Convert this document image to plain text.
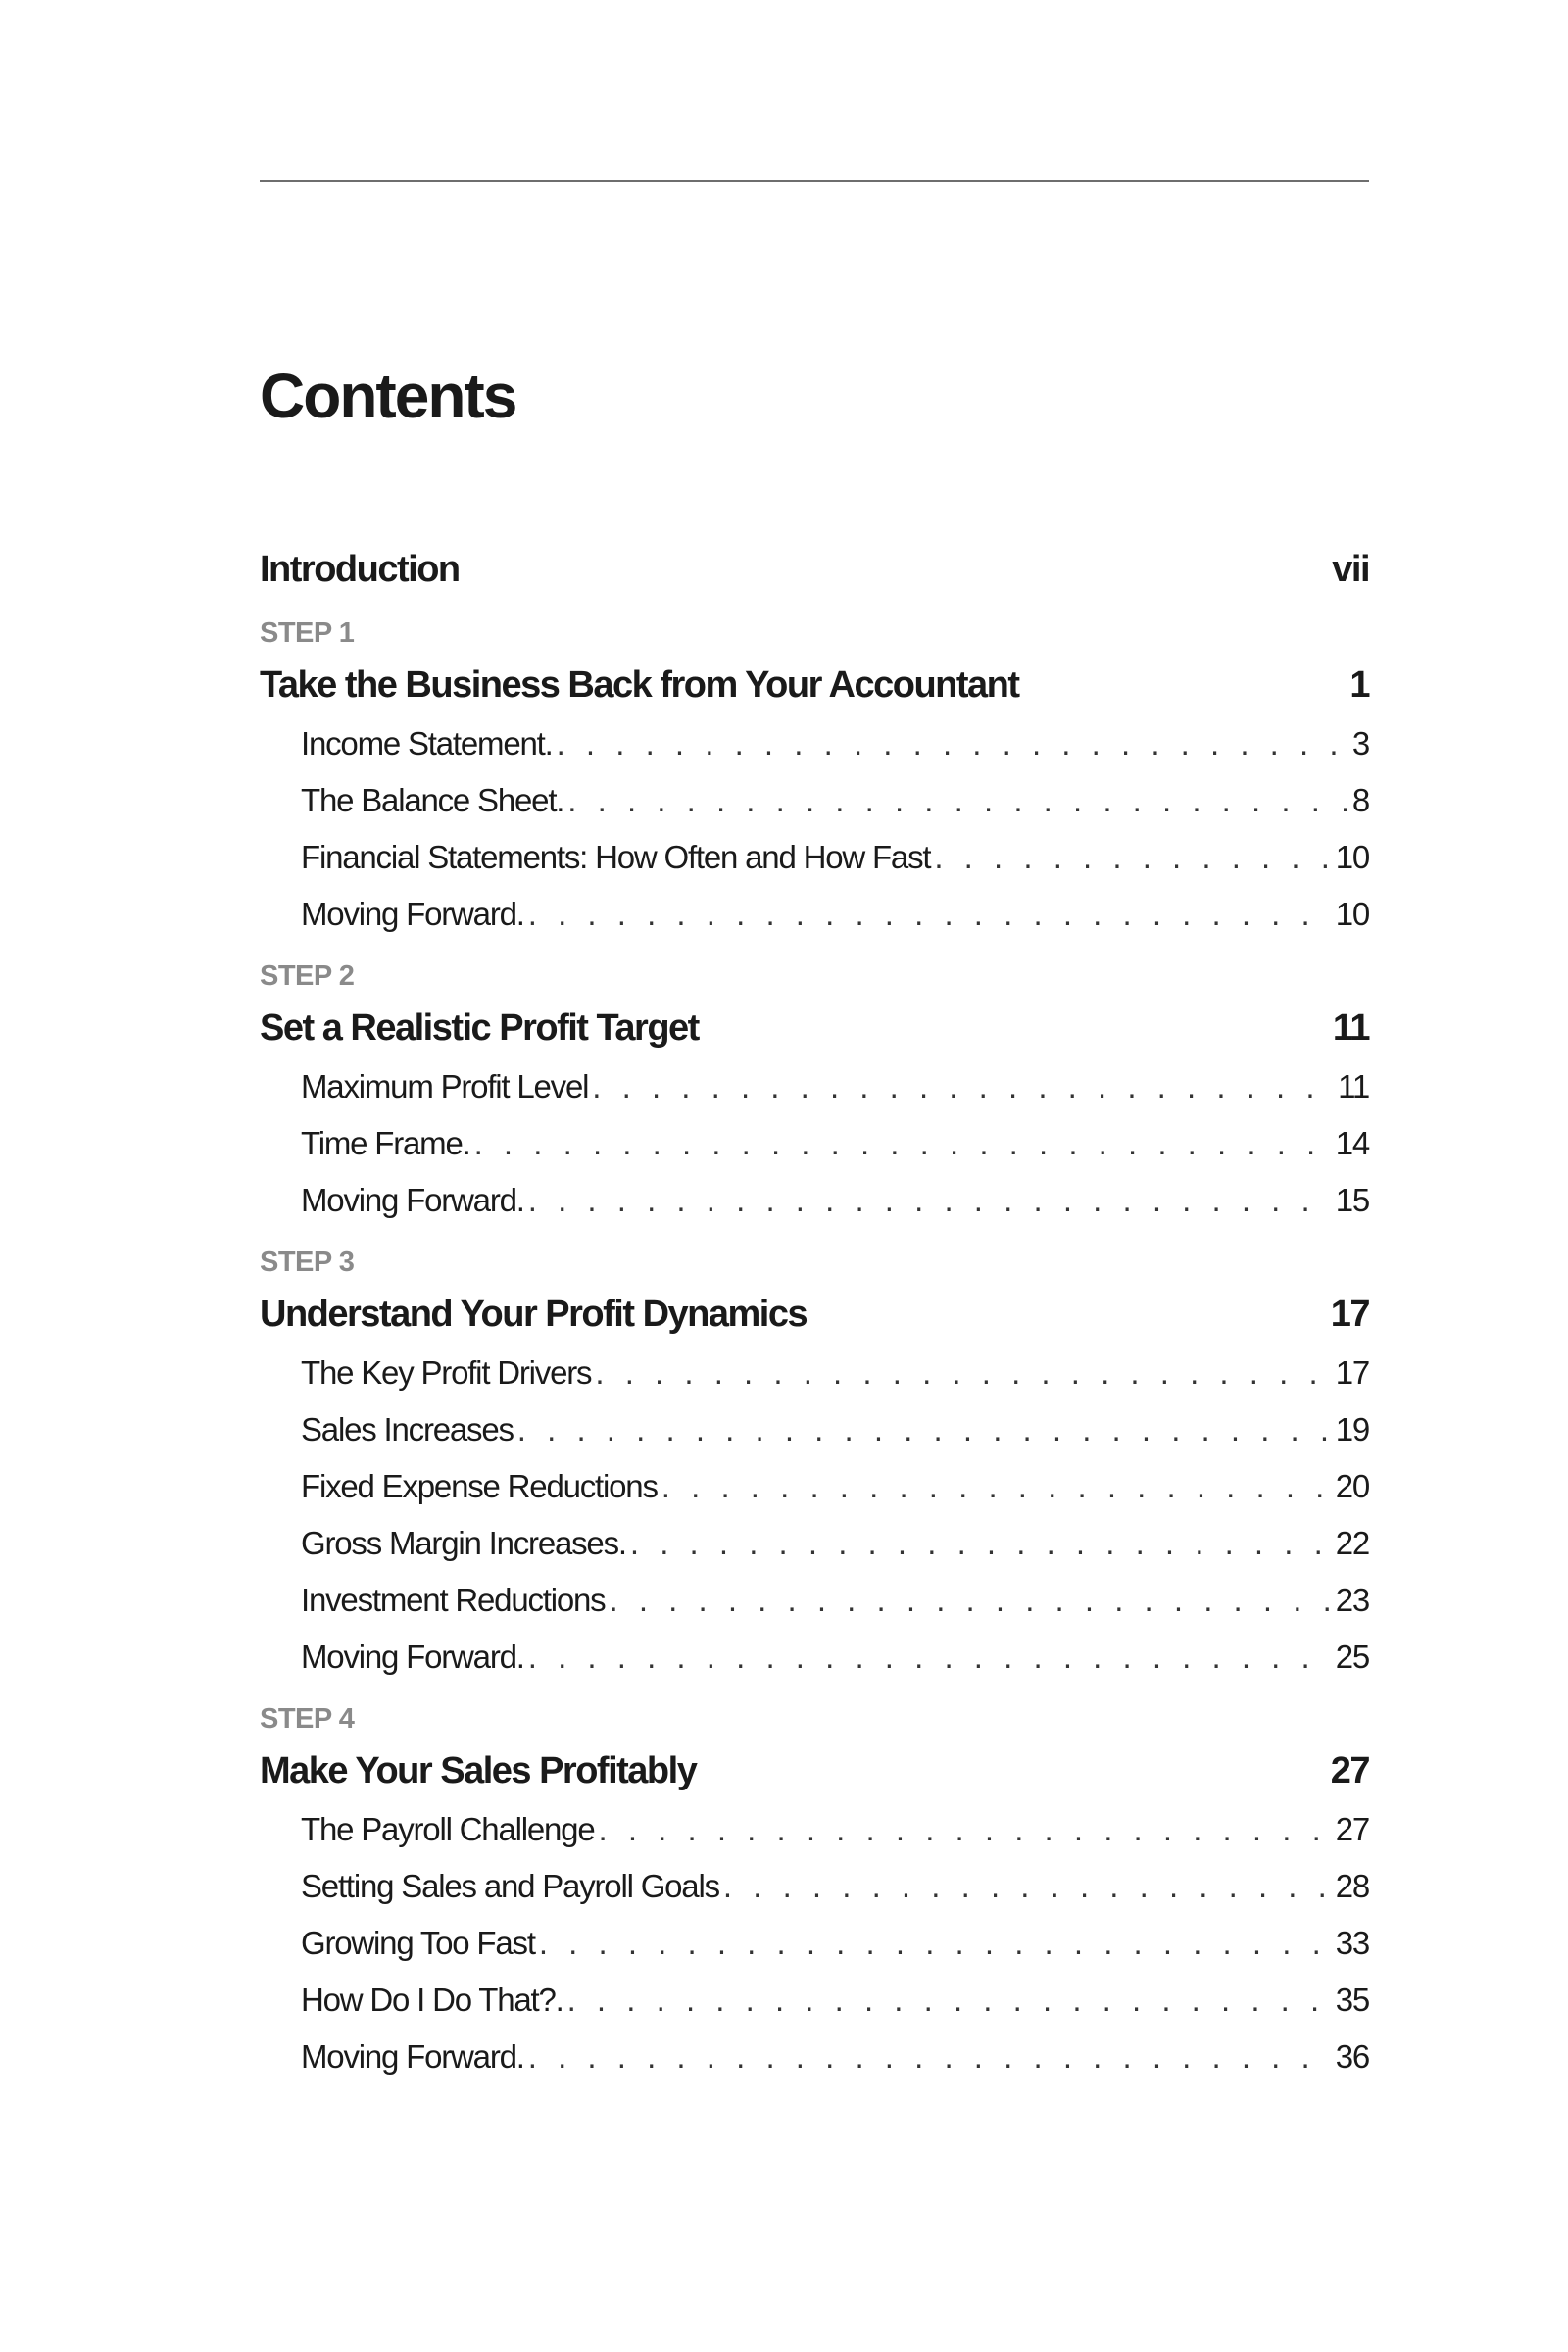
Contents
Introduction	vii
STEP 1
Take the Business Back from Your Accountant	1
Income Statement. . . .	3
The Balance Sheet. . . .	8
Financial Statements: How Often and How Fast . . .	10
Moving Forward. . . .	10
STEP 2
Set a Realistic Profit Target	11
Maximum Profit Level . . .	11
Time Frame. . . .	14
Moving Forward. . . .	15
STEP 3
Understand Your Profit Dynamics	17
The Key Profit Drivers . . .	17
Sales Increases . . .	19
Fixed Expense Reductions . . .	20
Gross Margin Increases. . . .	22
Investment Reductions . . .	23
Moving Forward. . . .	25
STEP 4
Make Your Sales Profitably	27
The Payroll Challenge . . .	27
Setting Sales and Payroll Goals . . .	28
Growing Too Fast . . .	33
How Do I Do That?. . . .	35
Moving Forward. . . .	36
